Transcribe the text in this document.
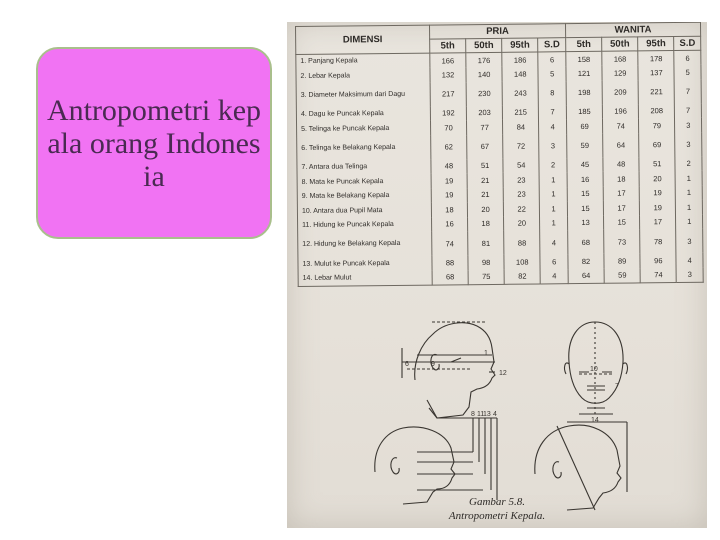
Antropometri kepala orang Indonesia
DIMENSI	PRIA				WANITA			
	5th	50th	95th	S.D	5th	50th	95th	S.D
1. Panjang Kepala	166	176	186	6	158	168	178	6
2. Lebar Kepala	132	140	148	5	121	129	137	5
3. Diameter Maksimum dari Dagu	217	230	243	8	198	209	221	7
4. Dagu ke Puncak Kepala	192	203	215	7	185	196	208	7
5. Telinga ke Puncak Kepala	70	77	84	4	69	74	79	3
6. Telinga ke Belakang Kepala	62	67	72	3	59	64	69	3
7. Antara dua Telinga	48	51	54	2	45	48	51	2
8. Mata ke Puncak Kepala	19	21	23	1	16	18	20	1
9. Mata ke Belakang Kepala	19	21	23	1	15	17	19	1
10. Antara dua Pupil Mata	18	20	22	1	15	17	19	1
11. Hidung ke Puncak Kepala	16	18	20	1	13	15	17	1
12. Hidung ke Belakang Kepala	74	81	88	4	68	73	78	3
13. Mulut ke Puncak Kepala	88	98	108	6	82	89	96	4
14. Lebar Mulut	68	75	82	4	64	59	74	3
1
6	9
12
10
7
14
8 11
13 4
Gambar 5.8.
Antropometri Kepala.
